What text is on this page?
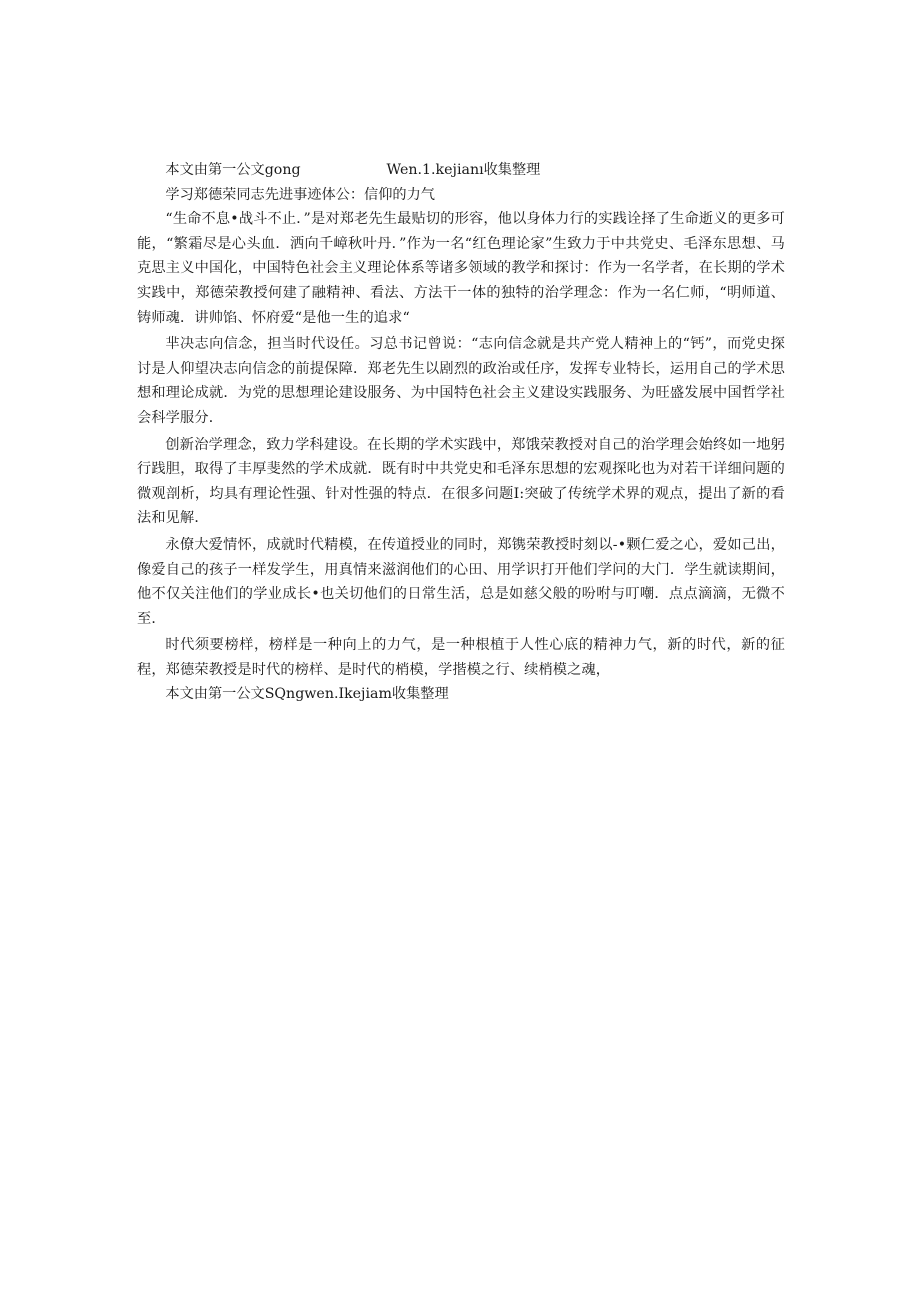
本文由第一公文gong	Wen.1.kejianı收集整理
学习郑德荣同志先进事迹体公：信仰的力气

“生命不息•战斗不止．”是对郑老先生最贴切的形容，他以身体力行的实践诠择了生命逝义的更多可能，“繁霜尽是心头血．洒向千嶂秋叶丹．”作为一名“红色理论家”生致力于中共党史、毛泽东思想、马克思主义中国化，中国特色社会主义理论体系等诸多领域的教学和探讨：作为一名学者，在长期的学术实践中，郑德荣教授何建了融精神、看法、方法干一体的独特的治学理念：作为一名仁师，“明师道、铸师魂．讲帅馅、怀府爱“是他一生的追求“

芈决志向信念，担当时代设任。习总书记曾说：“志向信念就是共产党人精神上的“钙”，而党史探讨是人仰望决志向信念的前提保障．郑老先生以剧烈的政治或任序，发挥专业特长，运用自己的学术思想和理论成就．为党的思想理论建设服务、为中国特色社会主义建设实践服务、为旺盛发展中国哲学社会科学服分．

创新治学理念，致力学科建设。在长期的学术实践中，郑饿荣教授对自己的治学理会始终如一地躬行践胆，取得了丰厚斐然的学术成就．既有时中共党史和毛泽东思想的宏观探叱也为对若干详细问题的微观剖析，均具有理论性强、针对性强的特点．在很多问题I:突破了传统学术界的观点，提出了新的看法和见解．

永僚大爱情怀，成就时代精模，在传道授业的同时，郑镌荣教授时刻以-•颗仁爱之心，爱如己出，像爱自己的孩子一样发学生，用真情来滋润他们的心田、用学识打开他们学问的大门．学生就读期间，他不仅关注他们的学业成长•也关切他们的日常生活，总是如慈父般的吩咐与叮嘲．点点滴滴，无微不至．

时代须要榜样，榜样是一种向上的力气，是一种根植于人性心底的精神力气，新的时代，新的征程，郑德荣教授是时代的榜样、是时代的梢模，学揩模之行、续梢模之魂，

本文由第一公文SQngwen.Ikejiam收集整理
